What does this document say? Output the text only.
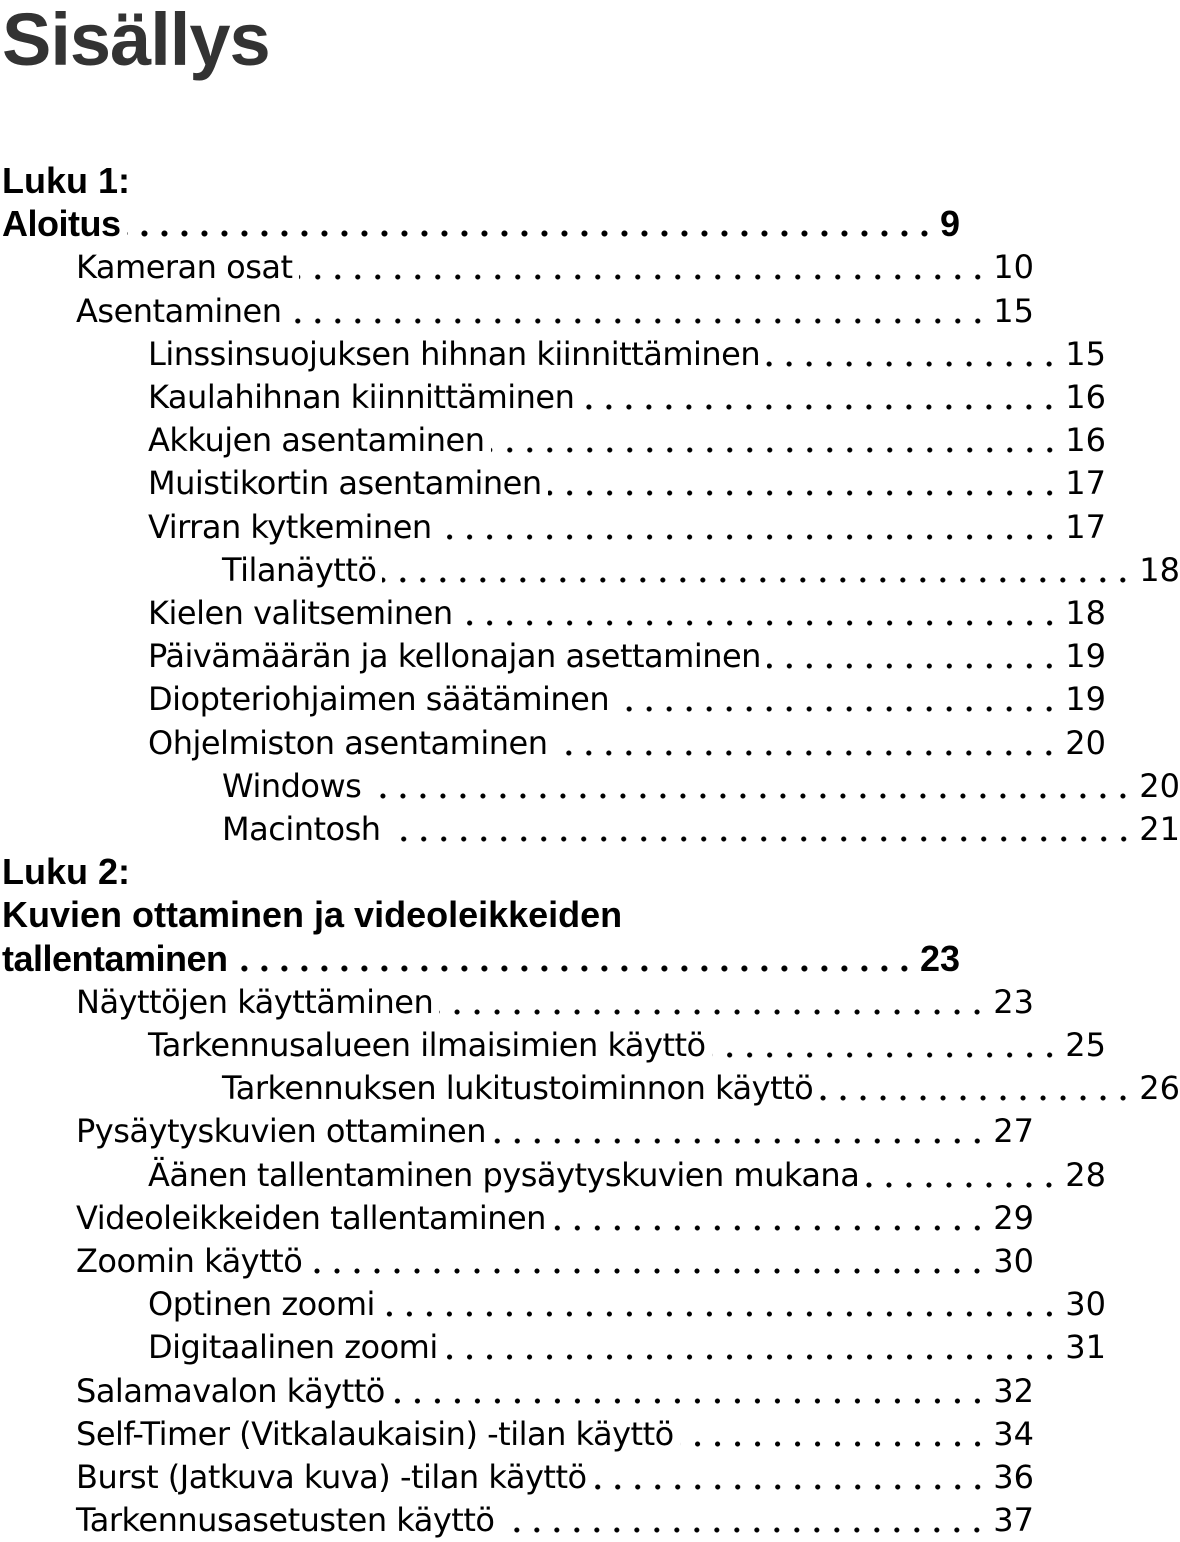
Sisällys
Luku 1:
Aloitus	9
Kameran osat	10
Asentaminen	15
Linssinsuojuksen hihnan kiinnittäminen	15
Kaulahihnan kiinnittäminen	16
Akkujen asentaminen	16
Muistikortin asentaminen	17
Virran kytkeminen	17
Tilanäyttö	18
Kielen valitseminen	18
Päivämäärän ja kellonajan asettaminen	19
Diopteriohjaimen säätäminen	19
Ohjelmiston asentaminen	20
Windows	20
Macintosh	21
Luku 2:
Kuvien ottaminen ja videoleikkeiden
tallentaminen	23
Näyttöjen käyttäminen	23
Tarkennusalueen ilmaisimien käyttö	25
Tarkennuksen lukitustoiminnon käyttö	26
Pysäytyskuvien ottaminen	27
Äänen tallentaminen pysäytyskuvien mukana	28
Videoleikkeiden tallentaminen	29
Zoomin käyttö	30
Optinen zoomi	30
Digitaalinen zoomi	31
Salamavalon käyttö	32
Self-Timer (Vitkalaukaisin) -tilan käyttö	34
Burst (Jatkuva kuva) -tilan käyttö	36
Tarkennusasetusten käyttö	37
